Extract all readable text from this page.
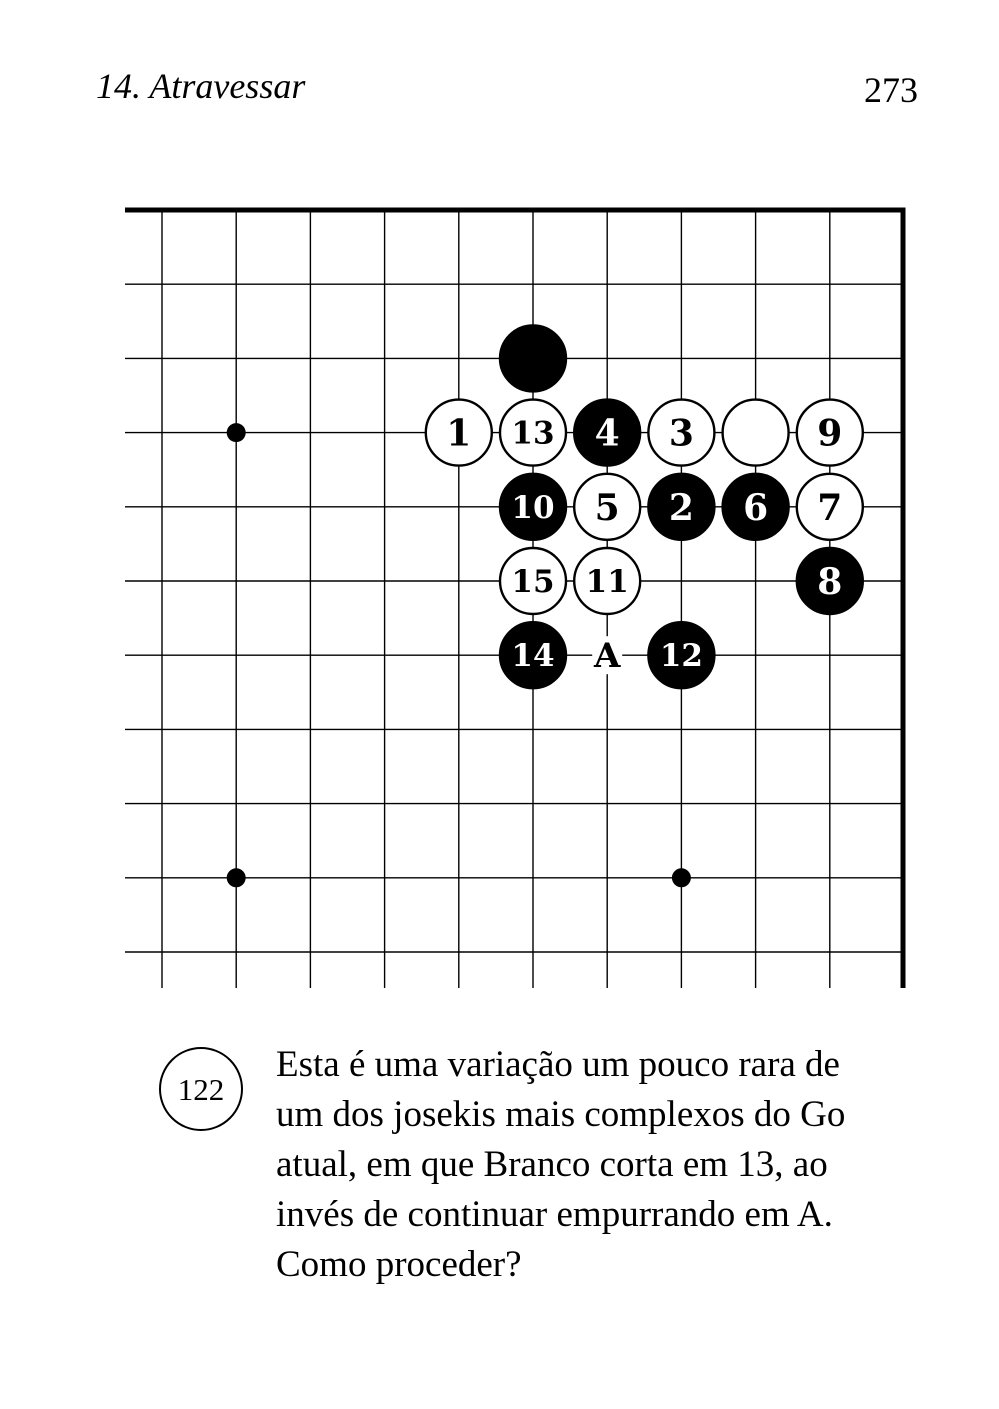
14. Atravessar	273
1 13 4 3	9
10 5 2 6 7
15 11	8
14	12
A
122

Esta é uma variação um pouco rara de
um dos josekis mais complexos do Go
atual, em que Branco corta em 13, ao
invés de continuar empurrando em A.
Como proceder?
